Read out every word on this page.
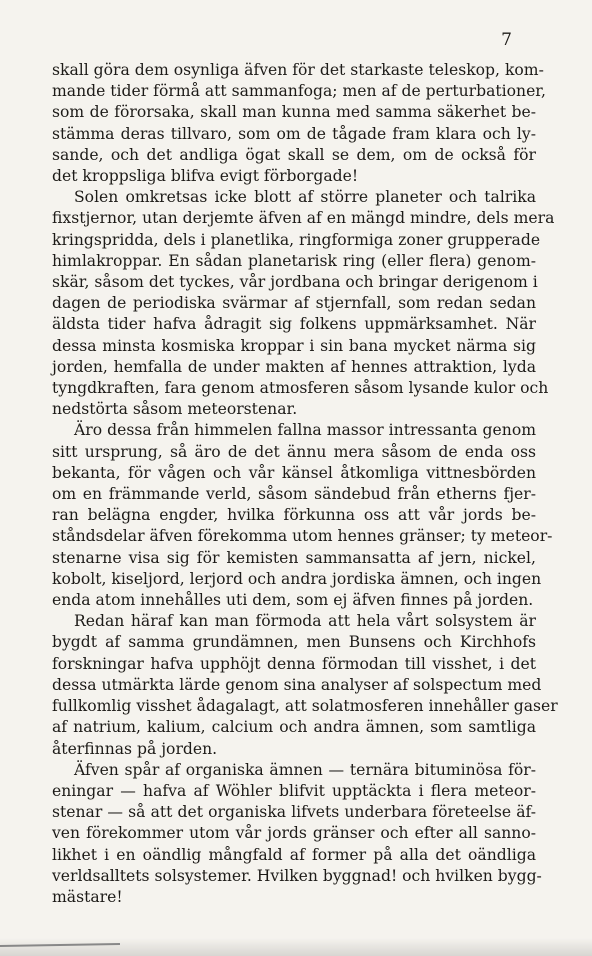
7
skall göra dem osynliga äfven för det starkaste teleskop, kom-
mande tider förmå att sammanfoga; men af de perturbationer,
som de förorsaka, skall man kunna med samma säkerhet be-
stämma deras tillvaro, som om de tågade fram klara och ly-
sande, och det andliga ögat skall se dem, om de också för
det kroppsliga blifva evigt förborgade!
Solen omkretsas icke blott af större planeter och talrika
fixstjernor, utan derjemte äfven af en mängd mindre, dels mera
kringspridda, dels i planetlika, ringformiga zoner grupperade
himlakroppar. En sådan planetarisk ring (eller flera) genom-
skär, såsom det tyckes, vår jordbana och bringar derigenom i
dagen de periodiska svärmar af stjernfall, som redan sedan
äldsta tider hafva ådragit sig folkens uppmärksamhet. När
dessa minsta kosmiska kroppar i sin bana mycket närma sig
jorden, hemfalla de under makten af hennes attraktion, lyda
tyngdkraften, fara genom atmosferen såsom lysande kulor och
nedstörta såsom meteorstenar.
Äro dessa från himmelen fallna massor intressanta genom
sitt ursprung, så äro de det ännu mera såsom de enda oss
bekanta, för vågen och vår känsel åtkomliga vittnesbörden
om en främmande verld, såsom sändebud från etherns fjer-
ran belägna engder, hvilka förkunna oss att vår jords be-
ståndsdelar äfven förekomma utom hennes gränser; ty meteor-
stenarne visa sig för kemisten sammansatta af jern, nickel,
kobolt, kiseljord, lerjord och andra jordiska ämnen, och ingen
enda atom innehålles uti dem, som ej äfven finnes på jorden.
Redan häraf kan man förmoda att hela vårt solsystem är
bygdt af samma grundämnen, men Bunsens och Kirchhofs
forskningar hafva upphöjt denna förmodan till visshet, i det
dessa utmärkta lärde genom sina analyser af solspectum med
fullkomlig visshet ådagalagt, att solatmosferen innehåller gaser
af natrium, kalium, calcium och andra ämnen, som samtliga
återfinnas på jorden.
Äfven spår af organiska ämnen — ternära bituminösa för-
eningar — hafva af Wöhler blifvit upptäckta i flera meteor-
stenar — så att det organiska lifvets underbara företeelse äf-
ven förekommer utom vår jords gränser och efter all sanno-
likhet i en oändlig mångfald af former på alla det oändliga
verldsalltets solsystemer. Hvilken byggnad! och hvilken bygg-
mästare!
